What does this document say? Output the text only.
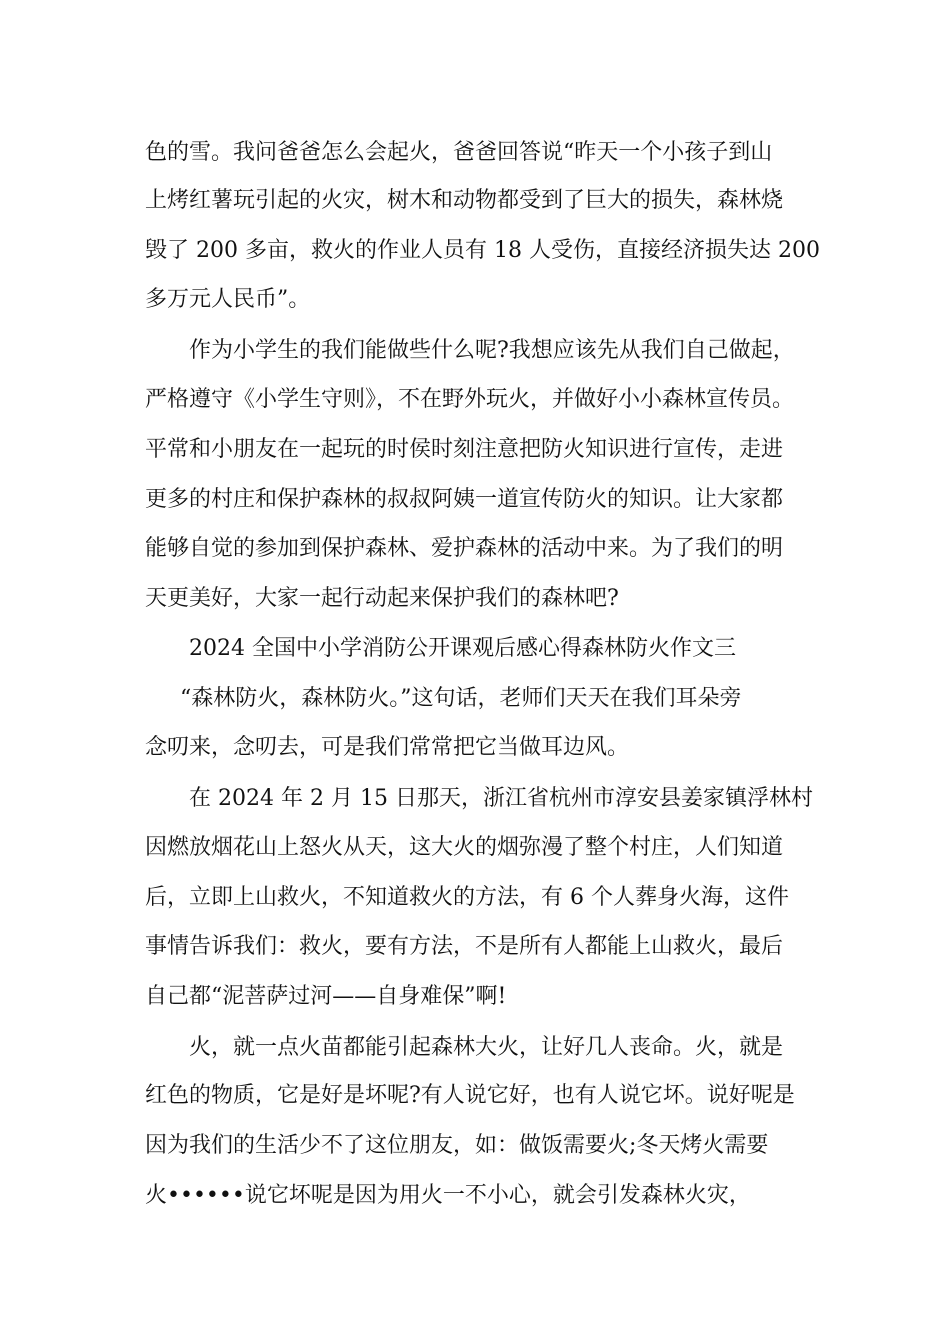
色的雪。我问爸爸怎么会起火，爸爸回答说“昨天一个小孩子到山
上烤红薯玩引起的火灾，树木和动物都受到了巨大的损失，森林烧
毁了 200 多亩，救火的作业人员有 18 人受伤，直接经济损失达 200
多万元人民币”。
作为小学生的我们能做些什么呢?我想应该先从我们自己做起，
严格遵守《小学生守则》，不在野外玩火，并做好小小森林宣传员。
平常和小朋友在一起玩的时侯时刻注意把防火知识进行宣传，走进
更多的村庄和保护森林的叔叔阿姨一道宣传防火的知识。让大家都
能够自觉的参加到保护森林、爱护森林的活动中来。为了我们的明
天更美好，大家一起行动起来保护我们的森林吧?
2024 全国中小学消防公开课观后感心得森林防火作文三
“森林防火，森林防火。”这句话，老师们天天在我们耳朵旁
念叨来，念叨去，可是我们常常把它当做耳边风。
在 2024 年 2 月 15 日那天，浙江省杭州市淳安县姜家镇浮林村
因燃放烟花山上怒火从天，这大火的烟弥漫了整个村庄，人们知道
后，立即上山救火，不知道救火的方法，有 6 个人葬身火海，这件
事情告诉我们：救火，要有方法，不是所有人都能上山救火，最后
自己都“泥菩萨过河——自身难保”啊!
火，就一点火苗都能引起森林大火，让好几人丧命。火，就是
红色的物质，它是好是坏呢?有人说它好，也有人说它坏。说好呢是
因为我们的生活少不了这位朋友，如：做饭需要火;冬天烤火需要
火••••••说它坏呢是因为用火一不小心，就会引发森林火灾，
